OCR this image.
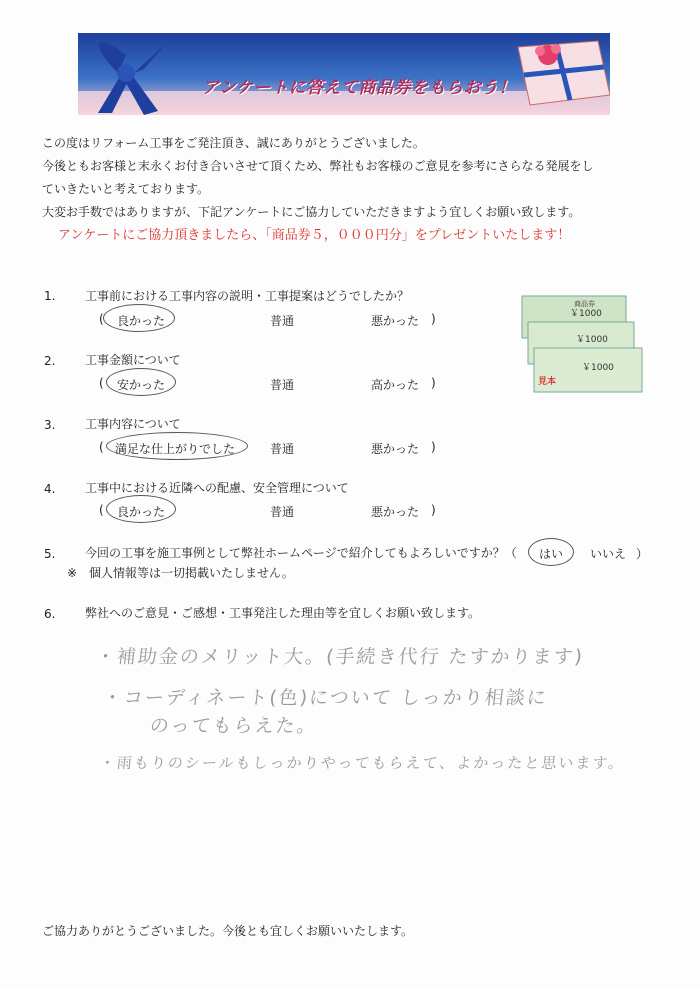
アンケートに答えて商品券をもらおう！
この度はリフォーム工事をご発注頂き、誠にありがとうございました。
今後ともお客様と末永くお付き合いさせて頂くため、弊社もお客様のご意見を参考にさらなる発展をし
ていきたいと考えております。
大変お手数ではありますが、下記アンケートにご協力していただきますよう宜しくお願い致します。
アンケートにご協力頂きましたら、「商品券５，０００円分」をプレゼントいたします！
￥1000
￥1000
￥1000
商品券
見本
1. 工事前における工事内容の説明・工事提案はどうでしたか？
( 良かった	普通	悪かった )
2. 工事金額について
( 安かった	普通	高かった )
3. 工事内容について
( 満足な仕上がりでした	普通	悪かった )
4. 工事中における近隣への配慮、安全管理について
( 良かった	普通	悪かった )
5. 今回の工事を施工事例として弊社ホームページで紹介してもよろしいですか？（ はい いいえ ）
※　個人情報等は一切掲載いたしません。
6. 弊社へのご意見・ご感想・工事発注した理由等を宜しくお願い致します。
・補助金のメリット大。(手続き代行 たすかります)
・コーディネート(色)について しっかり相談に
のってもらえた。
・雨もりのシールもしっかりやってもらえて、よかったと思います。
ご協力ありがとうございました。今後とも宜しくお願いいたします。
